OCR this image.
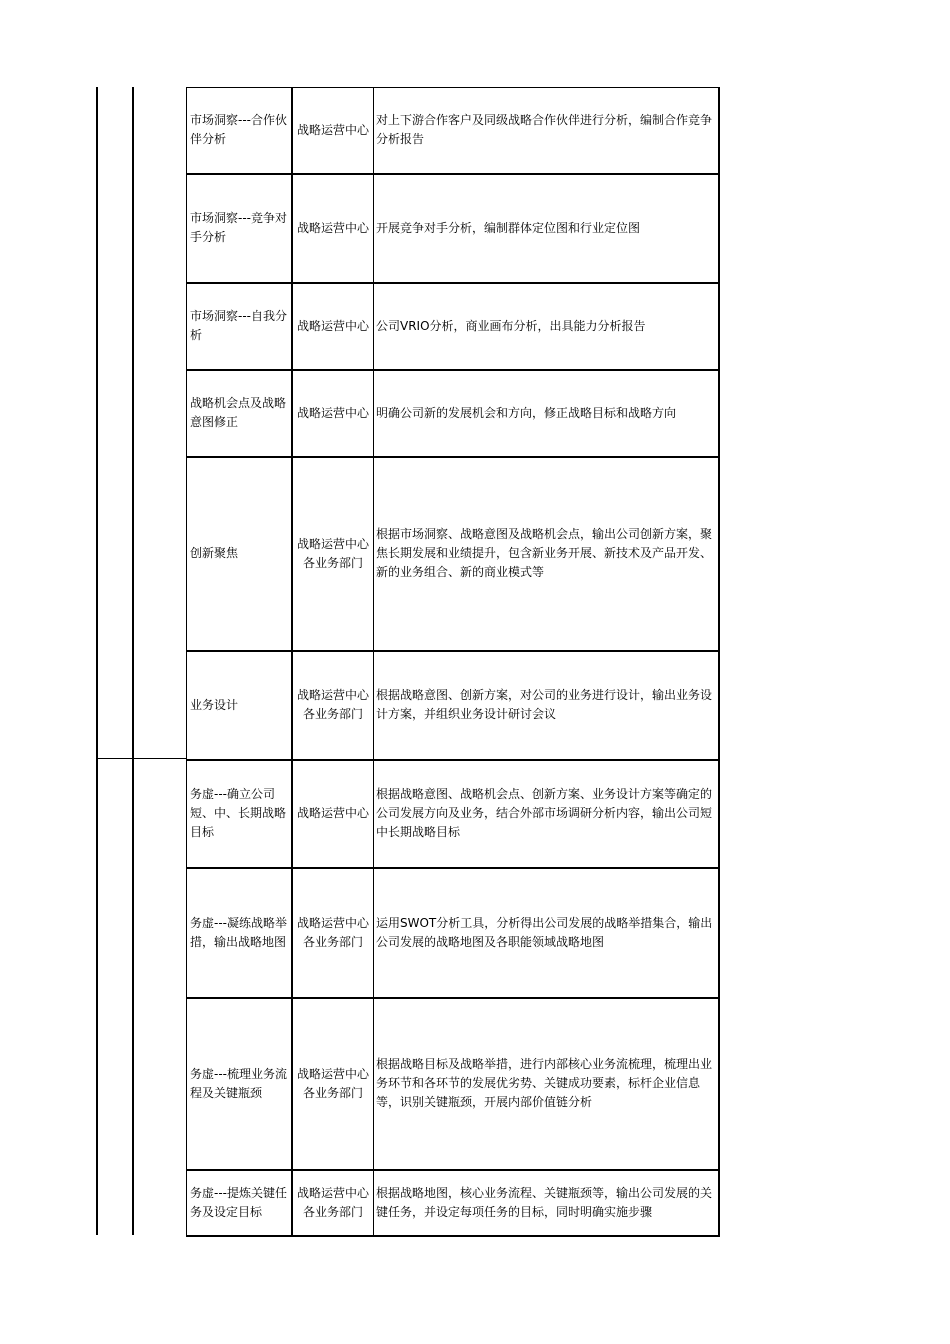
市场洞察---合作伙伴分析	战略运营中心	对上下游合作客户及同级战略合作伙伴进行分析，编制合作竞争分析报告
市场洞察---竞争对手分析	战略运营中心	开展竞争对手分析，编制群体定位图和行业定位图
市场洞察---自我分析	战略运营中心	公司VRIO分析，商业画布分析，出具能力分析报告
战略机会点及战略意图修正	战略运营中心	明确公司新的发展机会和方向，修正战略目标和战略方向
创新聚焦	战略运营中心各业务部门	根据市场洞察、战略意图及战略机会点，输出公司创新方案，聚焦长期发展和业绩提升，包含新业务开展、新技术及产品开发、新的业务组合、新的商业模式等
业务设计	战略运营中心各业务部门	根据战略意图、创新方案，对公司的业务进行设计，输出业务设计方案，并组织业务设计研讨会议
务虚---确立公司短、中、长期战略目标	战略运营中心	根据战略意图、战略机会点、创新方案、业务设计方案等确定的公司发展方向及业务，结合外部市场调研分析内容，输出公司短中长期战略目标
务虚---凝练战略举措，输出战略地图	战略运营中心各业务部门	运用SWOT分析工具，分析得出公司发展的战略举措集合，输出公司发展的战略地图及各职能领域战略地图
务虚---梳理业务流程及关键瓶颈	战略运营中心各业务部门	根据战略目标及战略举措，进行内部核心业务流梳理，梳理出业务环节和各环节的发展优劣势、关键成功要素，标杆企业信息等，识别关键瓶颈，开展内部价值链分析
务虚---提炼关键任务及设定目标	战略运营中心各业务部门	根据战略地图，核心业务流程、关键瓶颈等，输出公司发展的关键任务，并设定每项任务的目标，同时明确实施步骤
